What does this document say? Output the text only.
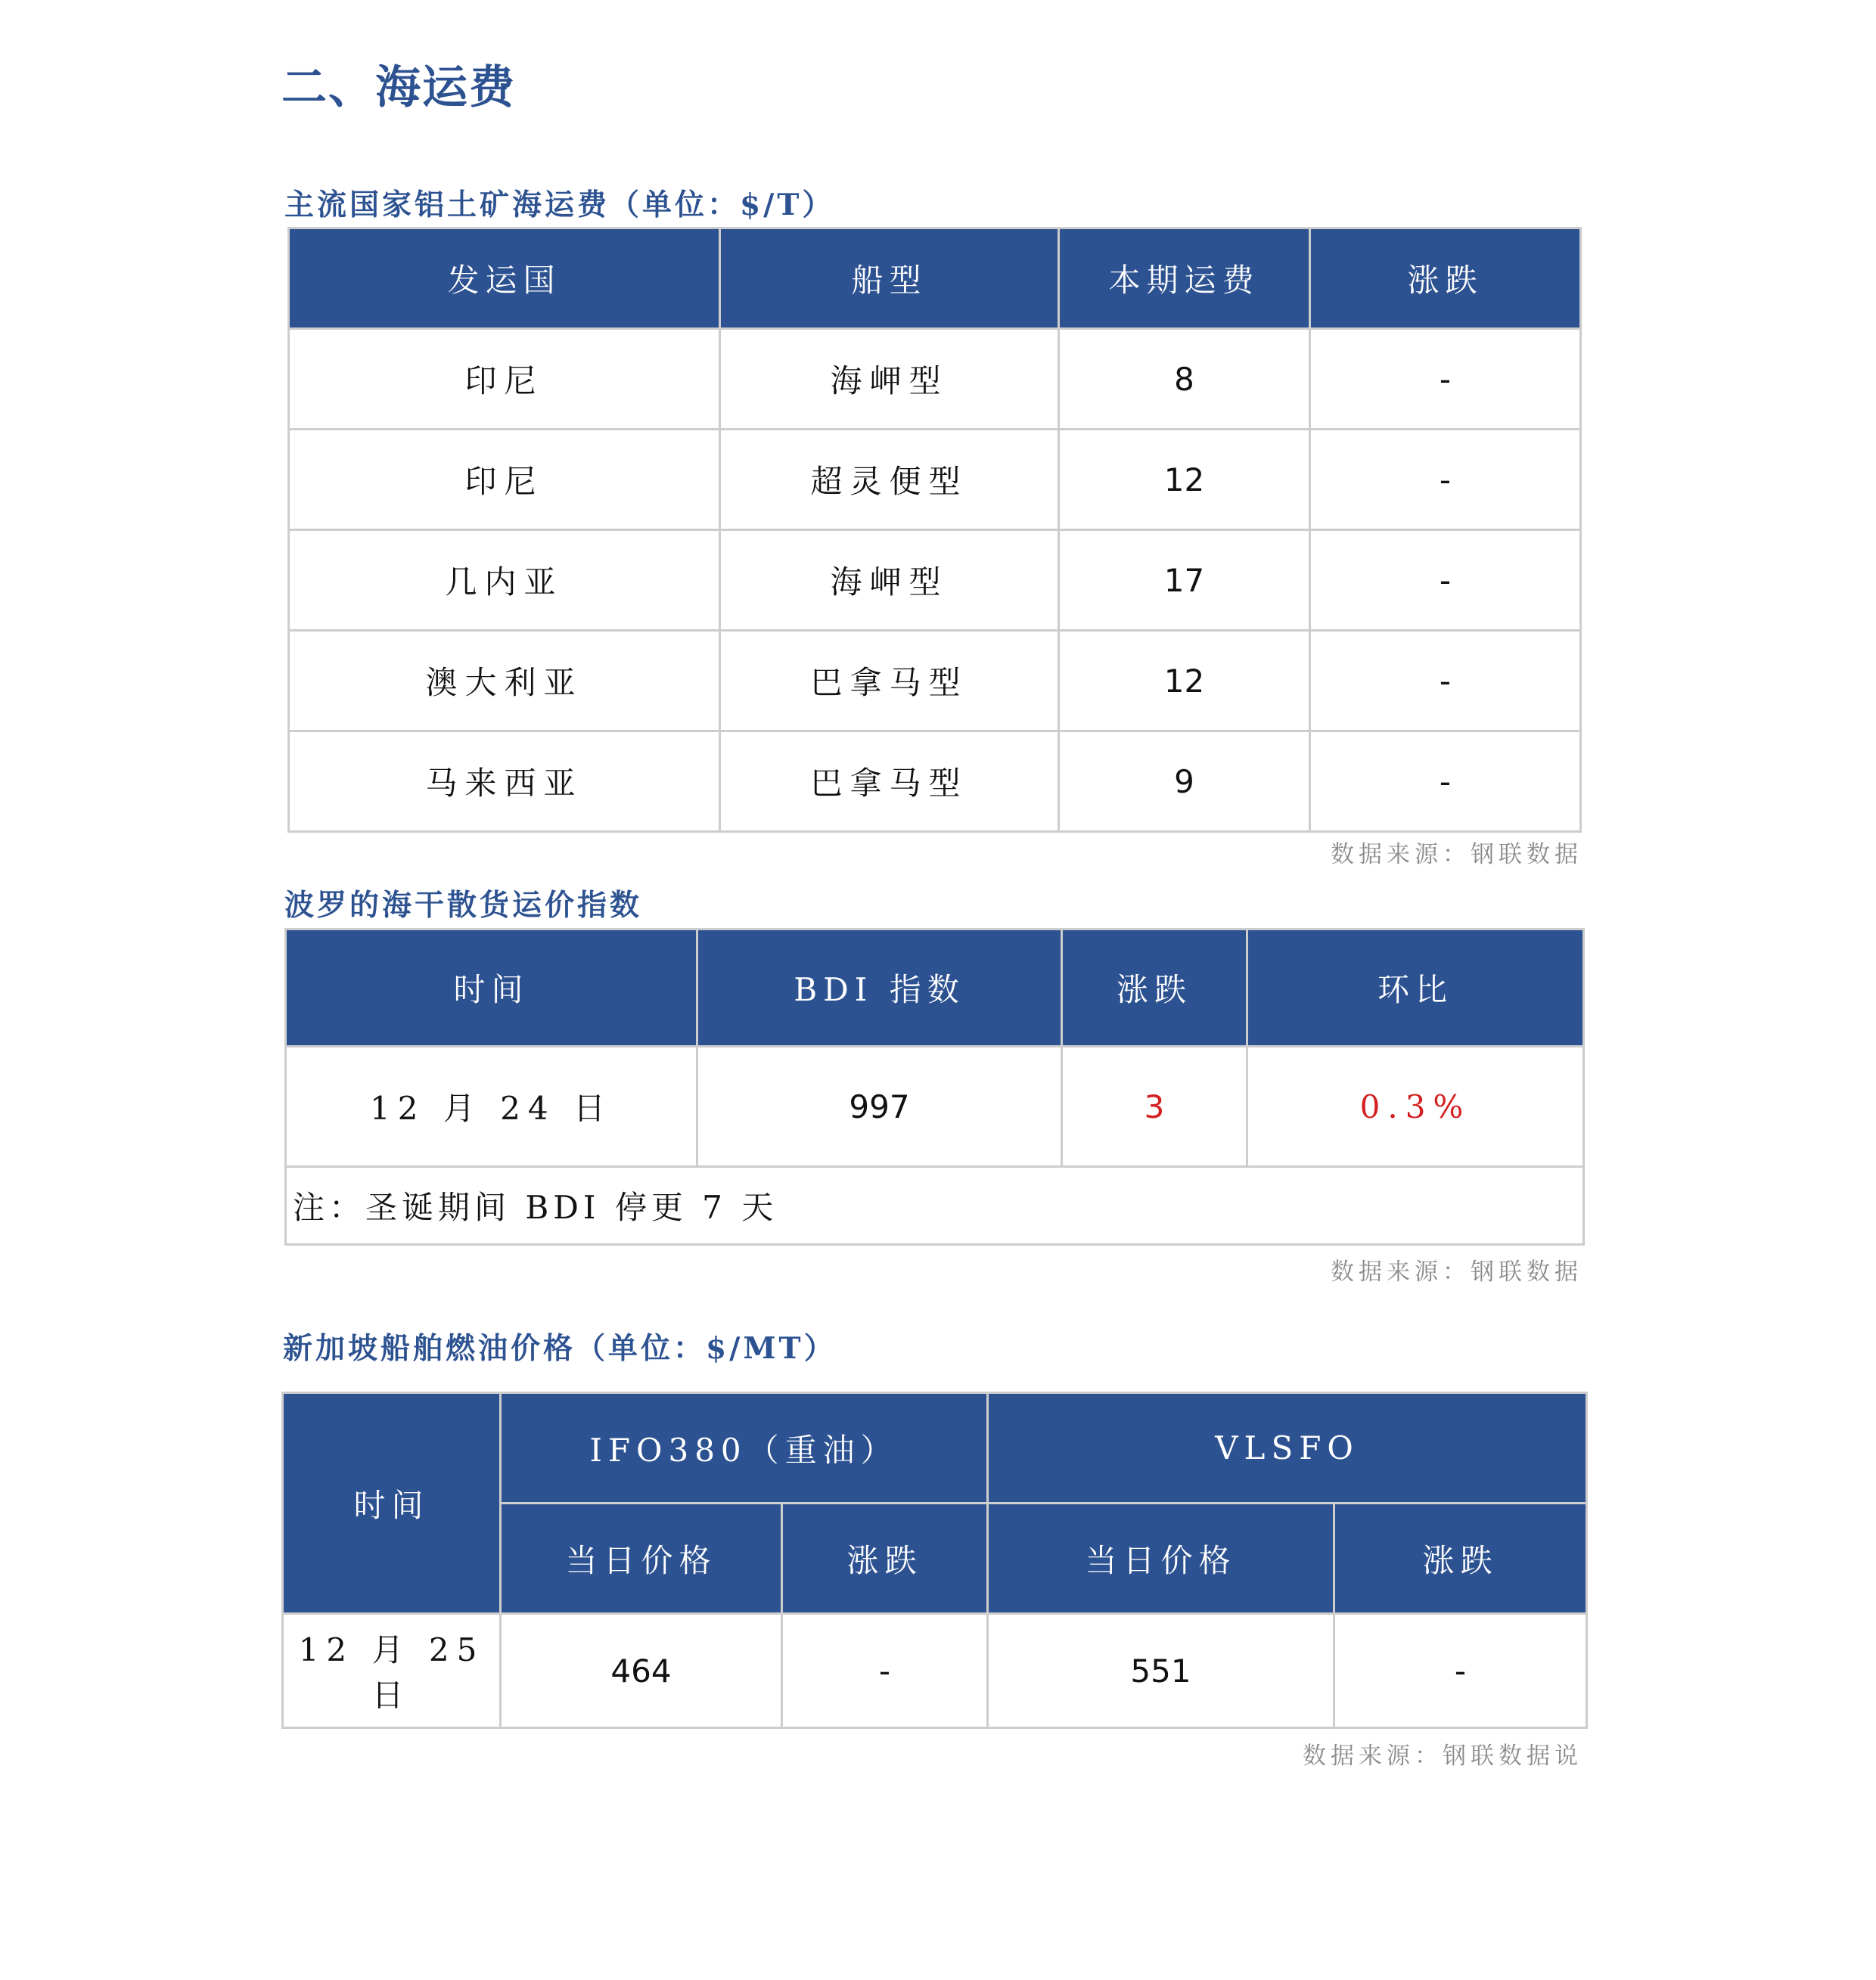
二、海运费
主流国家铝土矿海运费（单位：$/T）
发运国	船型	本期运费	涨跌
印尼	海岬型	8	-
印尼	超灵便型	12	-
几内亚	海岬型	17	-
澳大利亚	巴拿马型	12	-
马来西亚	巴拿马型	9	-
数据来源：钢联数据
波罗的海干散货运价指数
时间	BDI 指数	涨跌	环比
12 月 24 日	997	3	0.3%
注：圣诞期间 BDI 停更 7 天			
数据来源：钢联数据
新加坡船舶燃油价格（单位：$/MT）
时间	IFO380（重油）		VLSFO	
	当日价格	涨跌	当日价格	涨跌
12 月 25 日	464	-	551	-
数据来源：钢联数据说
